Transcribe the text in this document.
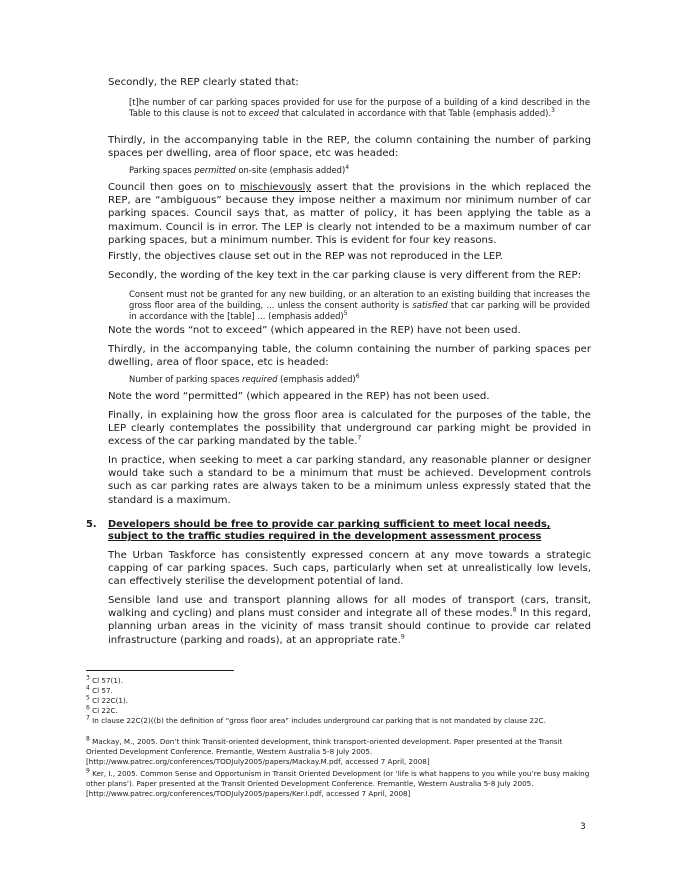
Secondly, the REP clearly stated that:

[t]he number of car parking spaces provided for use for the purpose of a building of a kind described in the Table to this clause is not to exceed that calculated in accordance with that Table (emphasis added).$^3$

Thirdly, in the accompanying table in the REP, the column containing the number of parking spaces per dwelling, area of floor space, etc was headed:

Parking spaces permitted on-site (emphasis added)$^4$

Council then goes on to mischievously assert that the provisions in the which replaced the REP, are “ambiguous” because they impose neither a maximum nor minimum number of car parking spaces. Council says that, as matter of policy, it has been applying the table as a maximum. Council is in error. The LEP is clearly not intended to be a maximum number of car parking spaces, but a minimum number. This is evident for four key reasons.

Firstly, the objectives clause set out in the REP was not reproduced in the LEP.

Secondly, the wording of the key text in the car parking clause is very different from the REP:

Consent must not be granted for any new building, or an alteration to an existing building that increases the gross floor area of the building, ... unless the consent authority is satisfied that car parking will be provided in accordance with the [table] ... (emphasis added)$^5$

Note the words “not to exceed” (which appeared in the REP) have not been used.

Thirdly, in the accompanying table, the column containing the number of parking spaces per dwelling, area of floor space, etc is headed:

Number of parking spaces required (emphasis added)$^6$

Note the word “permitted” (which appeared in the REP) has not been used.

Finally, in explaining how the gross floor area is calculated for the purposes of the table, the LEP clearly contemplates the possibility that underground car parking might be provided in excess of the car parking mandated by the table.$^7$

In practice, when seeking to meet a car parking standard, any reasonable planner or designer would take such a standard to be a minimum that must be achieved. Development controls such as car parking rates are always taken to be a minimum unless expressly stated that the standard is a maximum.

5. Developers should be free to provide car parking sufficient to meet local needs, subject to the traffic studies required in the development assessment process

The Urban Taskforce has consistently expressed concern at any move towards a strategic capping of car parking spaces. Such caps, particularly when set at unrealistically low levels, can effectively sterilise the development potential of land.

Sensible land use and transport planning allows for all modes of transport (cars, transit, walking and cycling) and plans must consider and integrate all of these modes.$^8$ In this regard, planning urban areas in the vicinity of mass transit should continue to provide car related infrastructure (parking and roads), at an appropriate rate.$^9$

$^3$ Cl 57(1).

$^4$ Cl 57.

$^5$ Cl 22C(1).

$^6$ Cl 22C.

$^7$ In clause 22C(2)((b) the definition of “gross floor area” includes underground car parking that is not mandated by clause 22C.

$^8$ Mackay, M., 2005. Don’t think Transit-oriented development, think transport-oriented development. Paper presented at the Transit Oriented Development Conference. Fremantle, Western Australia 5-8 July 2005. [http://www.patrec.org/conferences/TODJuly2005/papers/Mackay.M.pdf, accessed 7 April, 2008]

$^9$ Ker, I., 2005. Common Sense and Opportunism in Transit Oriented Development (or ‘life is what happens to you while you’re busy making other plans’). Paper presented at the Transit Oriented Development Conference. Fremantle, Western Australia 5-8 July 2005. [http://www.patrec.org/conferences/TODJuly2005/papers/Ker.I.pdf, accessed 7 April, 2008]

3
